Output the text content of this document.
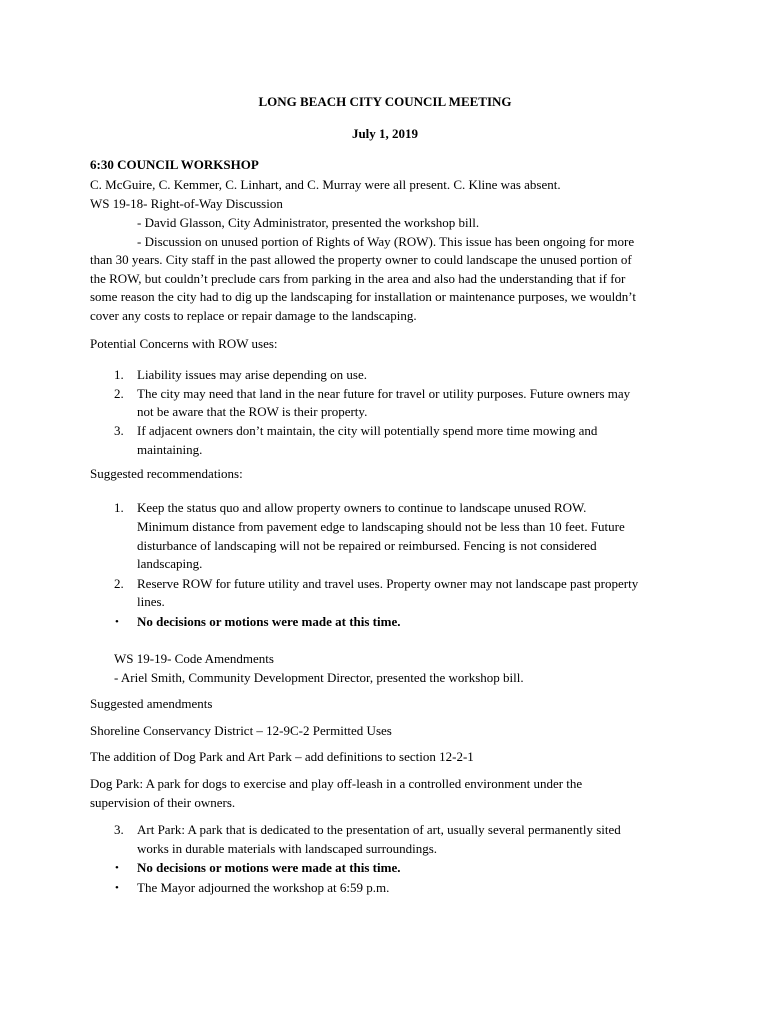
LONG BEACH CITY COUNCIL MEETING
July 1, 2019
6:30 COUNCIL WORKSHOP
C. McGuire, C. Kemmer, C. Linhart, and C. Murray were all present. C. Kline was absent.
WS 19-18- Right-of-Way Discussion
- David Glasson, City Administrator, presented the workshop bill.
- Discussion on unused portion of Rights of Way (ROW). This issue has been ongoing for more
than 30 years. City staff in the past allowed the property owner to could landscape the unused portion of
the ROW, but couldn’t preclude cars from parking in the area and also had the understanding that if for
some reason the city had to dig up the landscaping for installation or maintenance purposes, we wouldn’t
cover any costs to replace or repair damage to the landscaping.
Potential Concerns with ROW uses:
1. Liability issues may arise depending on use.
2. The city may need that land in the near future for travel or utility purposes. Future owners may
not be aware that the ROW is their property.
3. If adjacent owners don’t maintain, the city will potentially spend more time mowing and
maintaining.
Suggested recommendations:
1. Keep the status quo and allow property owners to continue to landscape unused ROW.
Minimum distance from pavement edge to landscaping should not be less than 10 feet. Future
disturbance of landscaping will not be repaired or reimbursed. Fencing is not considered
landscaping.
2. Reserve ROW for future utility and travel uses. Property owner may not landscape past property
lines.
• No decisions or motions were made at this time.
WS 19-19- Code Amendments
- Ariel Smith, Community Development Director, presented the workshop bill.
Suggested amendments
Shoreline Conservancy District – 12-9C-2 Permitted Uses
The addition of Dog Park and Art Park – add definitions to section 12-2-1
Dog Park: A park for dogs to exercise and play off-leash in a controlled environment under the
supervision of their owners.
3. Art Park: A park that is dedicated to the presentation of art, usually several permanently sited
works in durable materials with landscaped surroundings.
• No decisions or motions were made at this time.
• The Mayor adjourned the workshop at 6:59 p.m.
